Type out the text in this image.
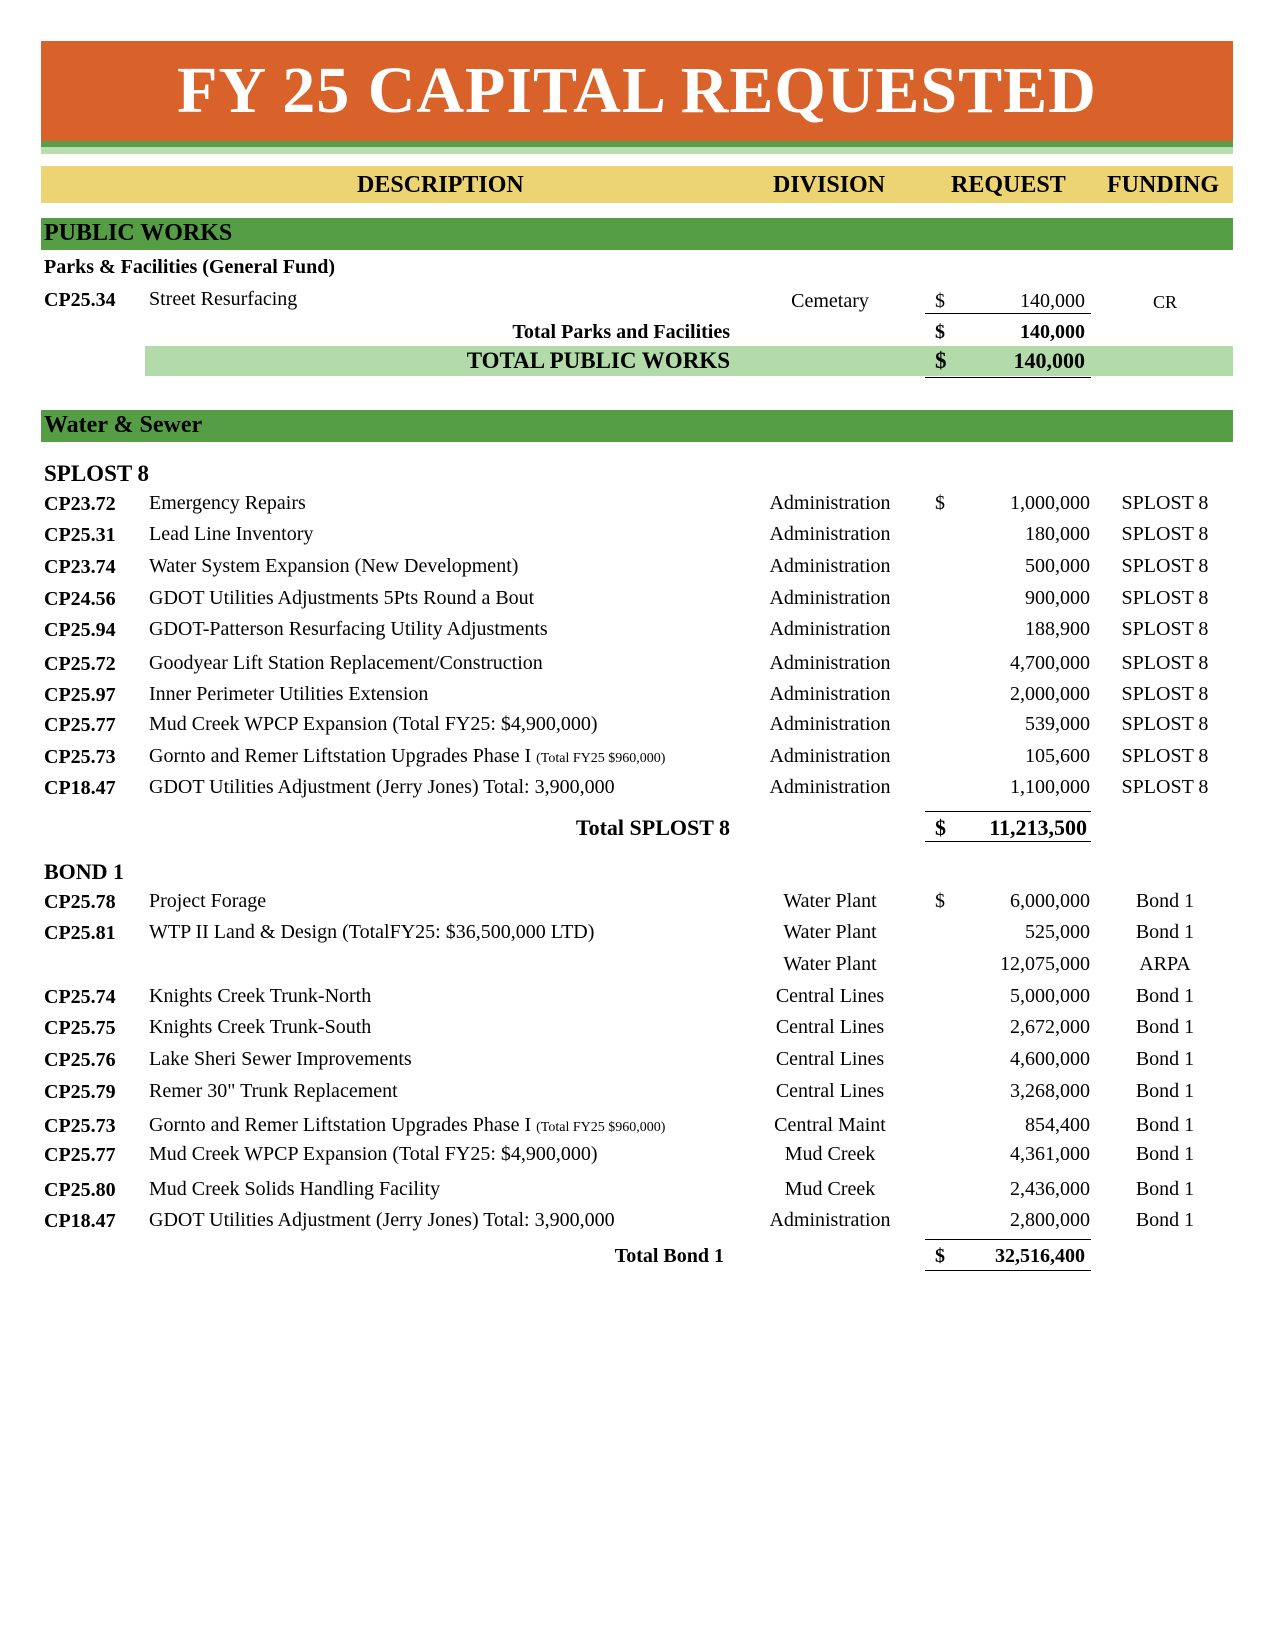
FY 25 CAPITAL REQUESTED
DESCRIPTION	DIVISION	REQUEST FUNDING
PUBLIC WORKS
Parks & Facilities (General Fund)
CP25.34 Street Resurfacing	Cemetary	$	140,000	CR
Total Parks and Facilities	$	140,000
TOTAL PUBLIC WORKS	$	140,000
Water & Sewer
SPLOST 8
CP23.72 Emergency Repairs	Administration	$	1,000,000	SPLOST 8
CP25.31 Lead Line Inventory	Administration	180,000	SPLOST 8
CP23.74 Water System Expansion (New Development)	Administration	500,000	SPLOST 8
CP24.56 GDOT Utilities Adjustments 5Pts Round a Bout	Administration	900,000	SPLOST 8
CP25.94 GDOT-Patterson Resurfacing Utility Adjustments	Administration	188,900	SPLOST 8
CP25.72 Goodyear Lift Station Replacement/Construction	Administration	4,700,000	SPLOST 8
CP25.97 Inner Perimeter Utilities Extension	Administration	2,000,000	SPLOST 8
CP25.77 Mud Creek WPCP Expansion (Total FY25: $4,900,000)	Administration	539,000	SPLOST 8
CP25.73 Gornto and Remer Liftstation Upgrades Phase I (Total FY25 $960,000)	Administration	105,600	SPLOST 8
CP18.47 GDOT Utilities Adjustment (Jerry Jones) Total: 3,900,000	Administration	1,100,000	SPLOST 8
Total SPLOST 8	$	11,213,500
BOND 1
CP25.78 Project Forage	Water Plant	$	6,000,000	Bond 1
CP25.81 WTP II Land & Design (TotalFY25: $36,500,000 LTD)	Water Plant	525,000	Bond 1
Water Plant	12,075,000	ARPA
CP25.74 Knights Creek Trunk-North	Central Lines	5,000,000	Bond 1
CP25.75 Knights Creek Trunk-South	Central Lines	2,672,000	Bond 1
CP25.76 Lake Sheri Sewer Improvements	Central Lines	4,600,000	Bond 1
CP25.79 Remer 30" Trunk Replacement	Central Lines	3,268,000	Bond 1
CP25.73 Gornto and Remer Liftstation Upgrades Phase I (Total FY25 $960,000)	Central Maint	854,400	Bond 1
CP25.77 Mud Creek WPCP Expansion (Total FY25: $4,900,000)	Mud Creek	4,361,000	Bond 1
CP25.80 Mud Creek Solids Handling Facility	Mud Creek	2,436,000	Bond 1
CP18.47 GDOT Utilities Adjustment (Jerry Jones) Total: 3,900,000	Administration	2,800,000	Bond 1
Total Bond 1	$	32,516,400
